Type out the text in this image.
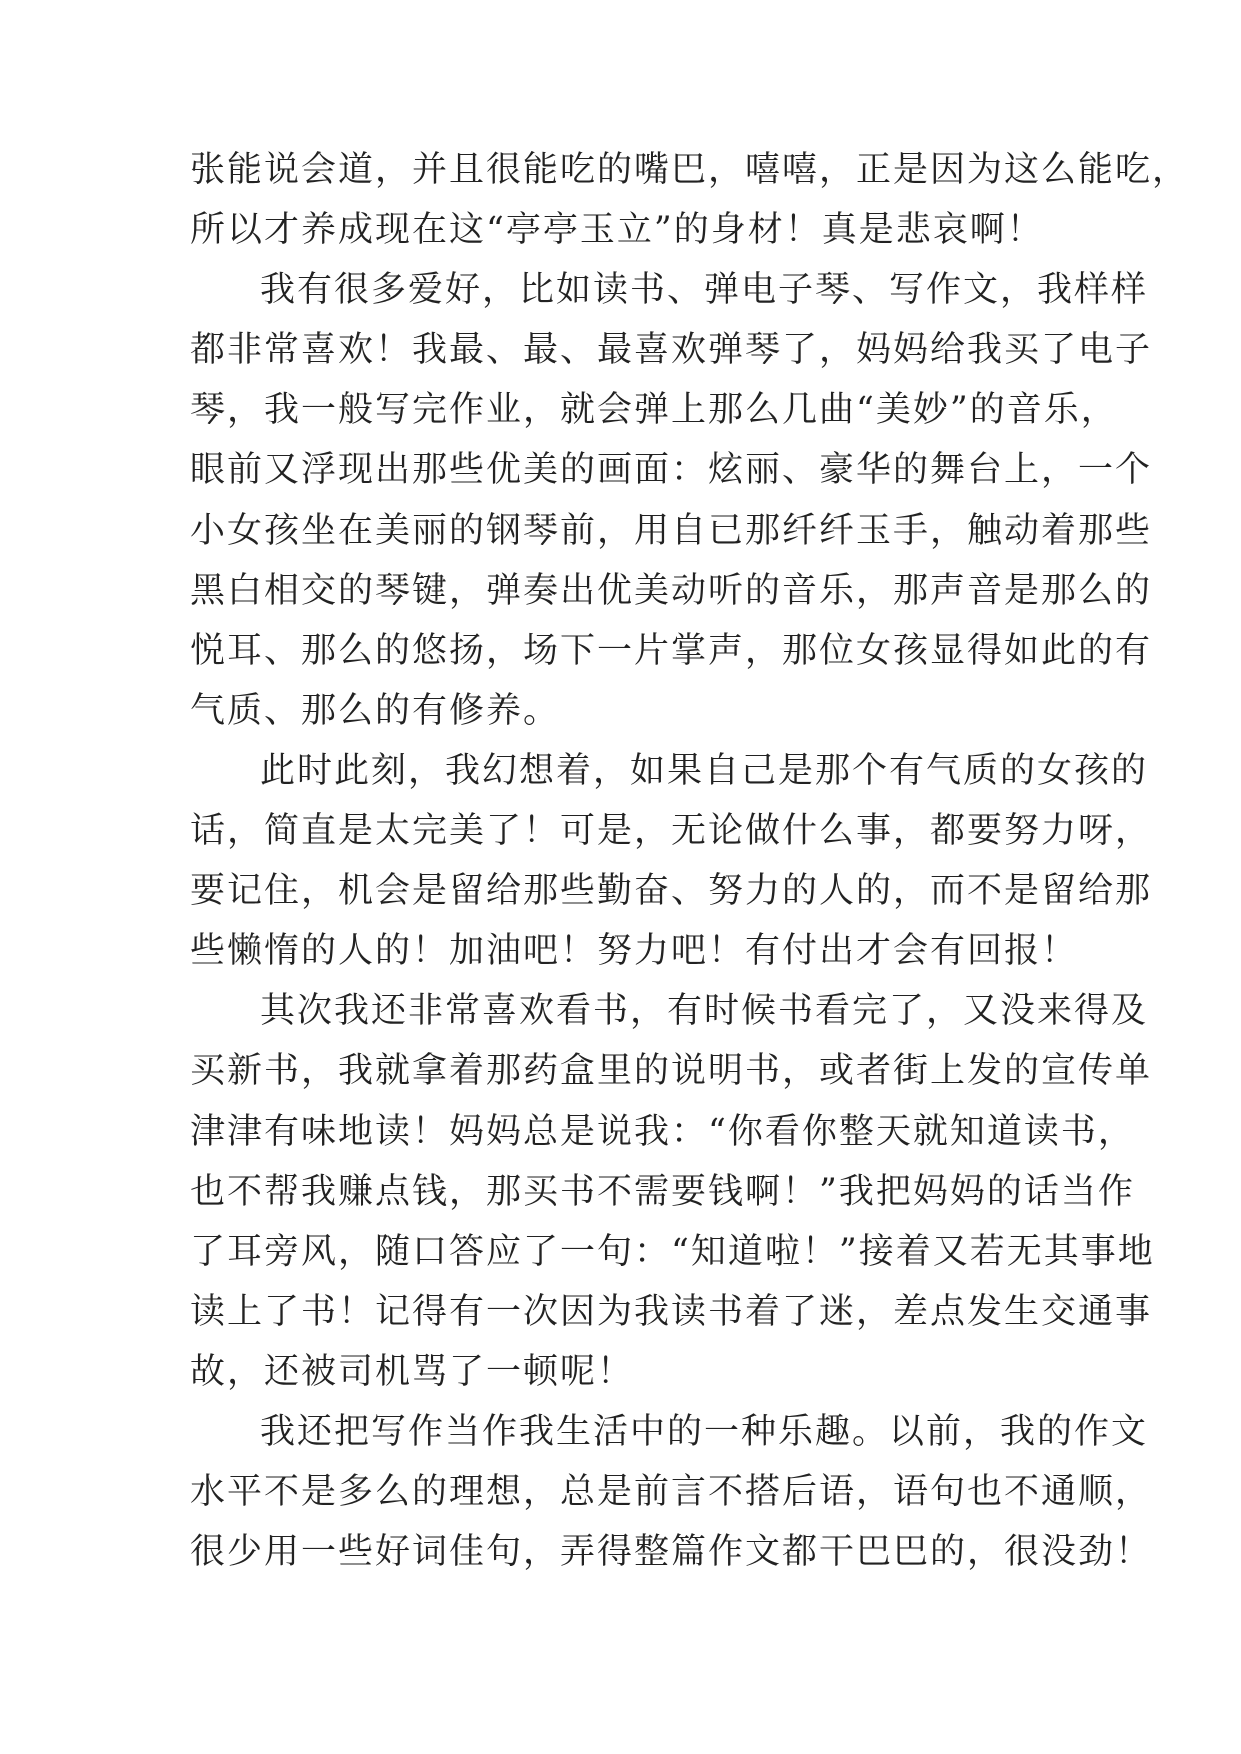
张能说会道，并且很能吃的嘴巴，嘻嘻，正是因为这么能吃，
所以才养成现在这“亭亭玉立”的身材！真是悲哀啊！
我有很多爱好，比如读书、弹电子琴、写作文，我样样
都非常喜欢！我最、最、最喜欢弹琴了，妈妈给我买了电子
琴，我一般写完作业，就会弹上那么几曲“美妙”的音乐，
眼前又浮现出那些优美的画面：炫丽、豪华的舞台上，一个
小女孩坐在美丽的钢琴前，用自已那纤纤玉手，触动着那些
黑白相交的琴键，弹奏出优美动听的音乐，那声音是那么的
悦耳、那么的悠扬，场下一片掌声，那位女孩显得如此的有
气质、那么的有修养。
此时此刻，我幻想着，如果自己是那个有气质的女孩的
话，简直是太完美了！可是，无论做什么事，都要努力呀，
要记住，机会是留给那些勤奋、努力的人的，而不是留给那
些懒惰的人的！加油吧！努力吧！有付出才会有回报！
其次我还非常喜欢看书，有时候书看完了，又没来得及
买新书，我就拿着那药盒里的说明书，或者街上发的宣传单
津津有味地读！妈妈总是说我：“你看你整天就知道读书，
也不帮我赚点钱，那买书不需要钱啊！”我把妈妈的话当作
了耳旁风，随口答应了一句：“知道啦！”接着又若无其事地
读上了书！记得有一次因为我读书着了迷，差点发生交通事
故，还被司机骂了一顿呢！
我还把写作当作我生活中的一种乐趣。以前，我的作文
水平不是多么的理想，总是前言不搭后语，语句也不通顺，
很少用一些好词佳句，弄得整篇作文都干巴巴的，很没劲！
